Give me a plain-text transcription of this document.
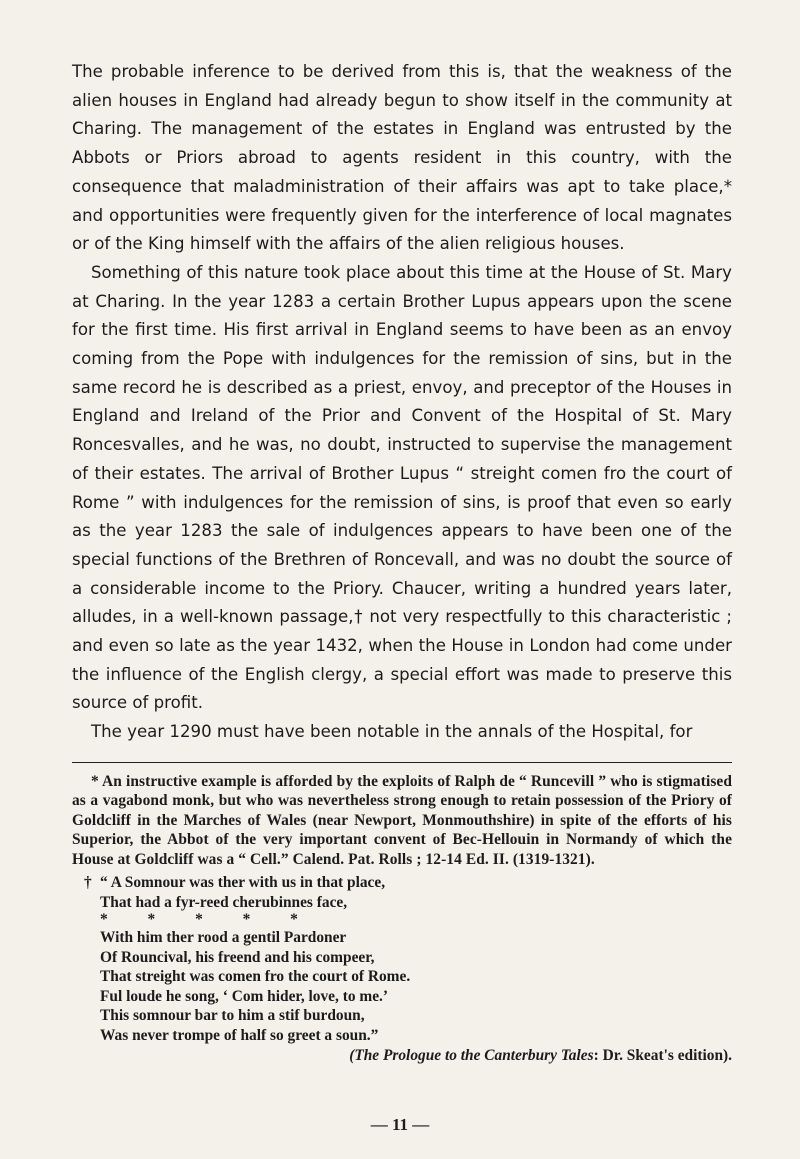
The probable inference to be derived from this is, that the weakness of the alien houses in England had already begun to show itself in the community at Charing. The management of the estates in England was entrusted by the Abbots or Priors abroad to agents resident in this country, with the consequence that maladministration of their affairs was apt to take place,* and opportunities were frequently given for the interference of local magnates or of the King himself with the affairs of the alien religious houses.

Something of this nature took place about this time at the House of St. Mary at Charing. In the year 1283 a certain Brother Lupus appears upon the scene for the first time. His first arrival in England seems to have been as an envoy coming from the Pope with indulgences for the remission of sins, but in the same record he is described as a priest, envoy, and preceptor of the Houses in England and Ireland of the Prior and Convent of the Hospital of St. Mary Roncesvalles, and he was, no doubt, instructed to supervise the management of their estates. The arrival of Brother Lupus “ streight comen fro the court of Rome ” with indulgences for the remission of sins, is proof that even so early as the year 1283 the sale of indulgences appears to have been one of the special functions of the Brethren of Roncevall, and was no doubt the source of a considerable income to the Priory. Chaucer, writing a hundred years later, alludes, in a well-known passage,† not very respectfully to this characteristic ; and even so late as the year 1432, when the House in London had come under the influence of the English clergy, a special effort was made to preserve this source of profit.

The year 1290 must have been notable in the annals of the Hospital, for

* An instructive example is afforded by the exploits of Ralph de “ Runcevill ” who is stigmatised as a vagabond monk, but who was nevertheless strong enough to retain possession of the Priory of Goldcliff in the Marches of Wales (near Newport, Monmouthshire) in spite of the efforts of his Superior, the Abbot of the very important convent of Bec-Hellouin in Normandy of which the House at Goldcliff was a “ Cell.” Calend. Pat. Rolls ; 12-14 Ed. II. (1319-1321).

† “ A Somnour was ther with us in that place,
That had a fyr-reed cherubinnes face,
* * * * *
With him ther rood a gentil Pardoner
Of Rouncival, his freend and his compeer,
That streight was comen fro the court of Rome.
Ful loude he song, ‘ Com hider, love, to me.’
This somnour bar to him a stif burdoun,
Was never trompe of half so greet a soun.”
(The Prologue to the Canterbury Tales: Dr. Skeat's edition).
— 11 —
